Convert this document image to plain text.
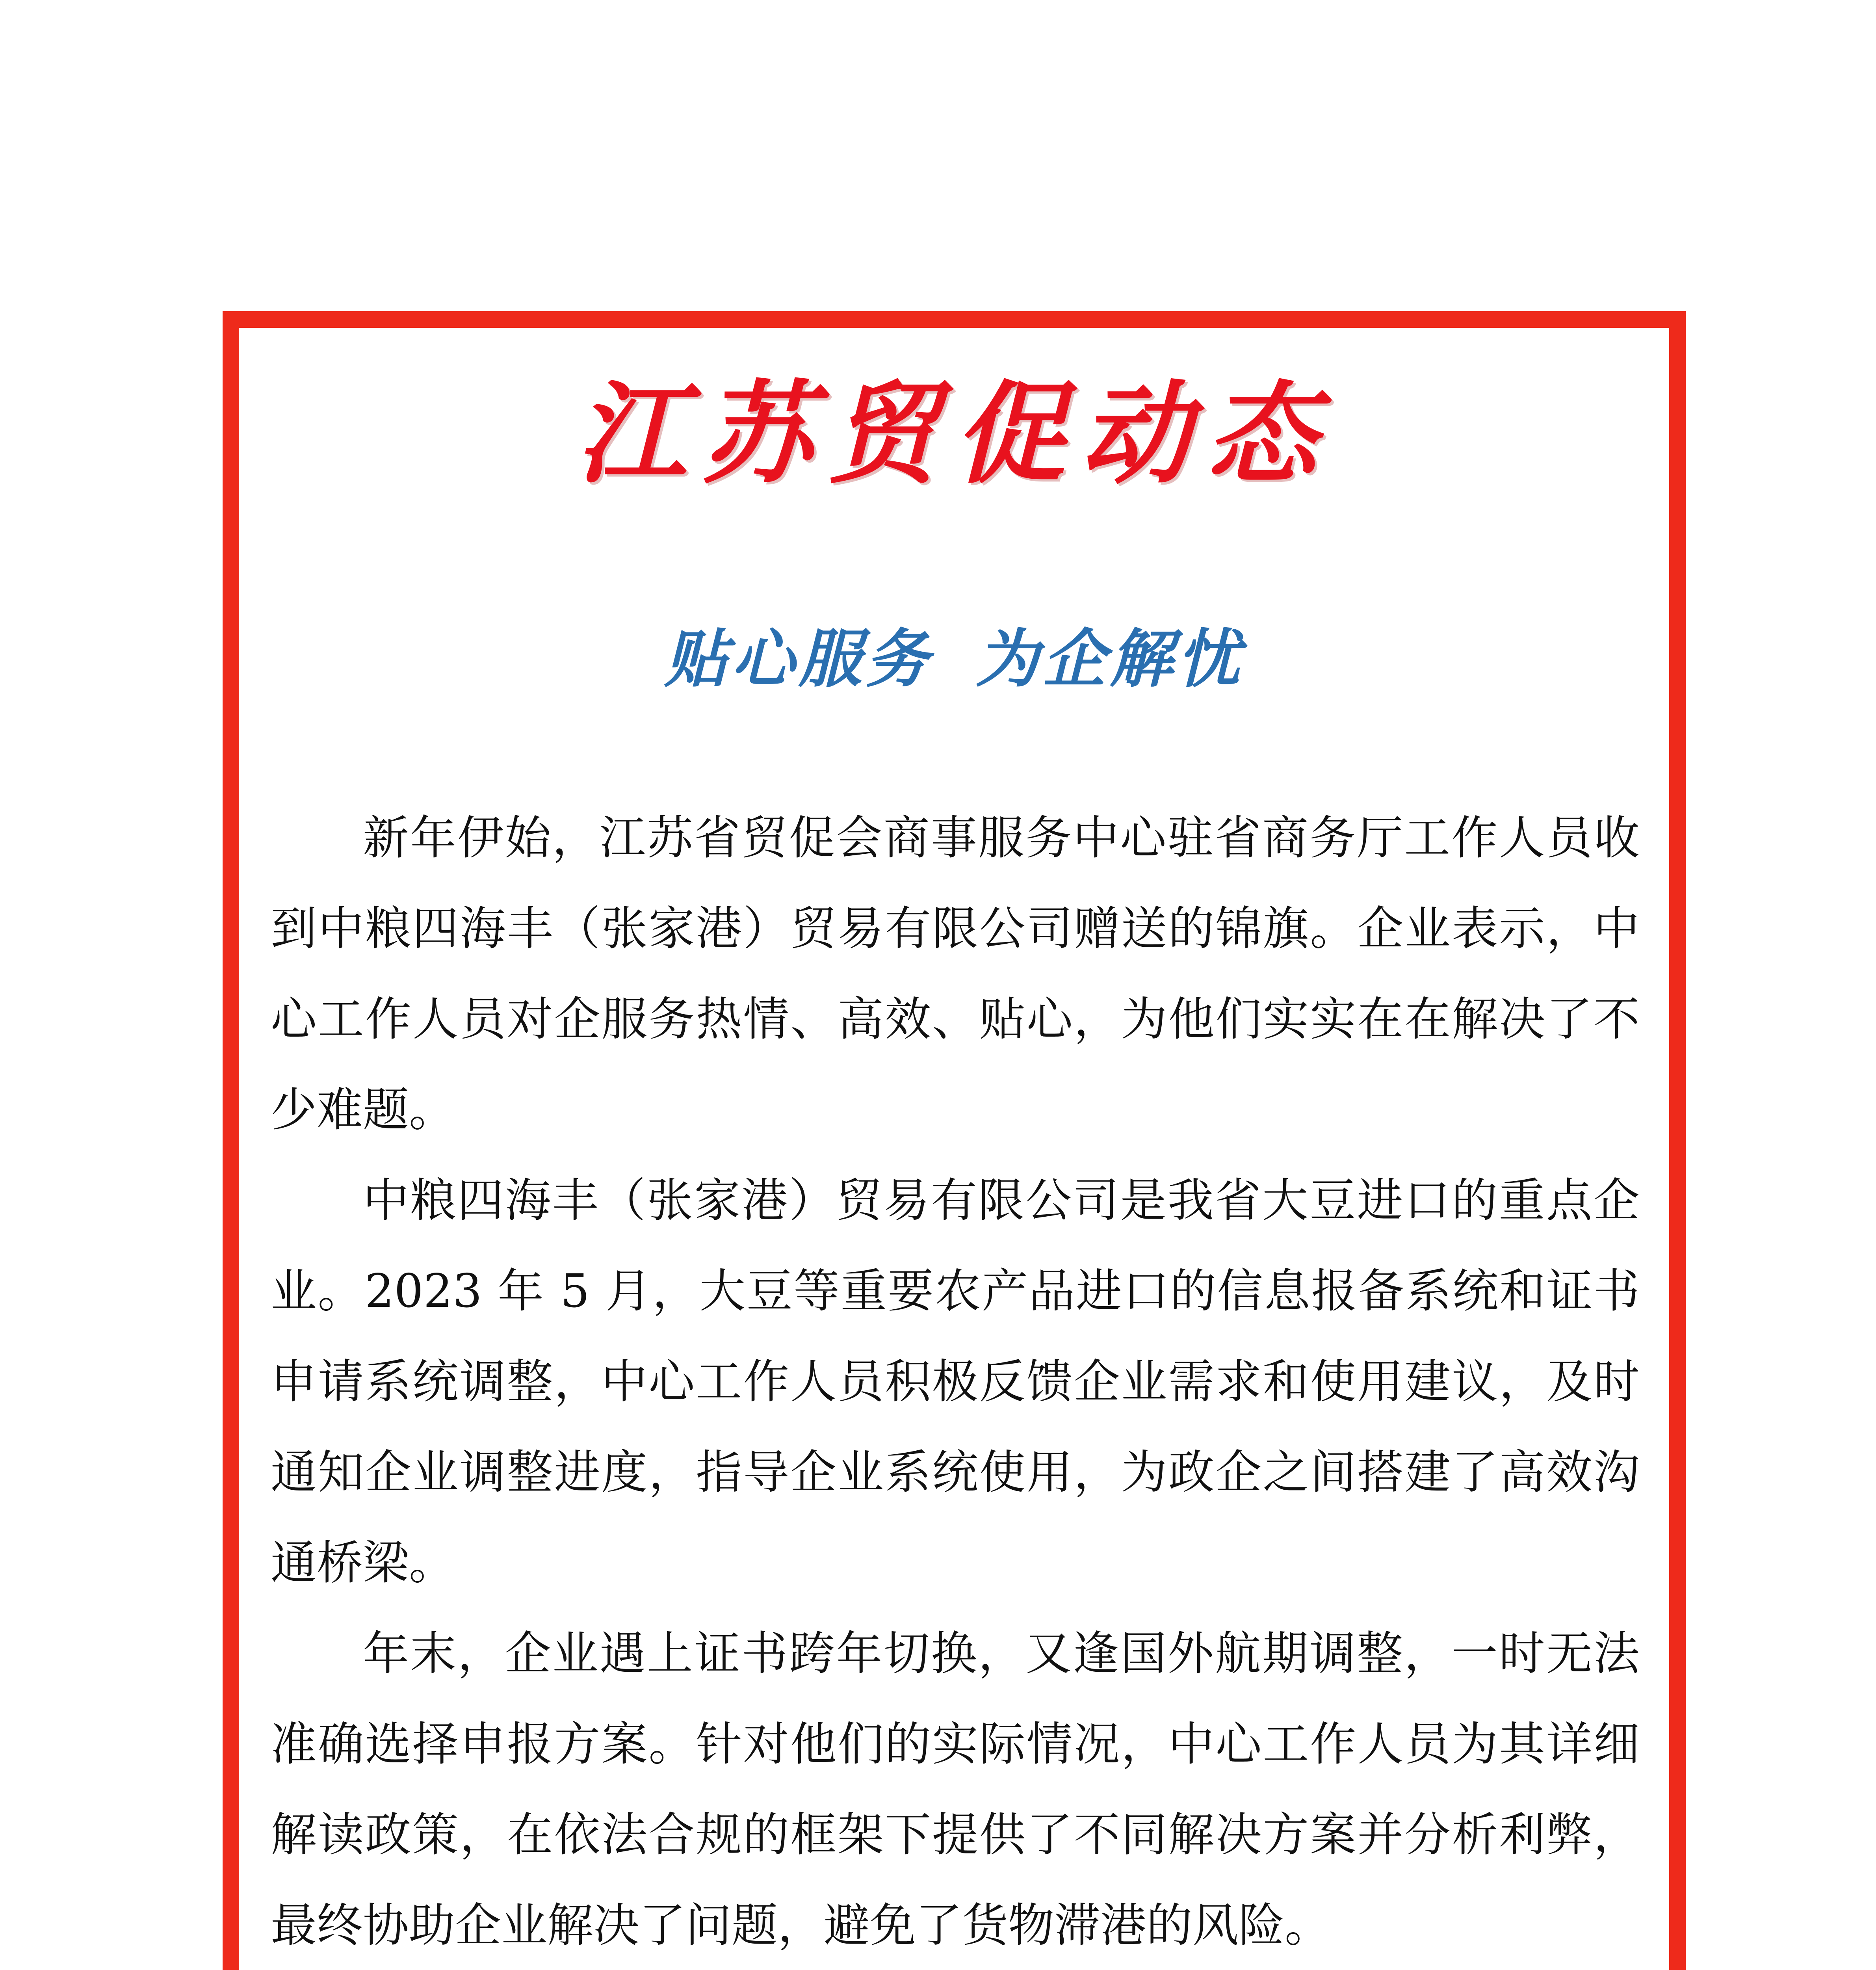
江苏贸促动态
贴心服务 为企解忧

新年伊始，江苏省贸促会商事服务中心驻省商务厅工作人员收到中粮四海丰（张家港）贸易有限公司赠送的锦旗。企业表示，中心工作人员对企服务热情、高效、贴心，为他们实实在在解决了不少难题。

中粮四海丰（张家港）贸易有限公司是我省大豆进口的重点企业。2023 年 5 月，大豆等重要农产品进口的信息报备系统和证书申请系统调整，中心工作人员积极反馈企业需求和使用建议，及时通知企业调整进度，指导企业系统使用，为政企之间搭建了高效沟通桥梁。

年末，企业遇上证书跨年切换，又逢国外航期调整，一时无法准确选择申报方案。针对他们的实际情况，中心工作人员为其详细解读政策，在依法合规的框架下提供了不同解决方案并分析利弊，最终协助企业解决了问题，避免了货物滞港的风险。
